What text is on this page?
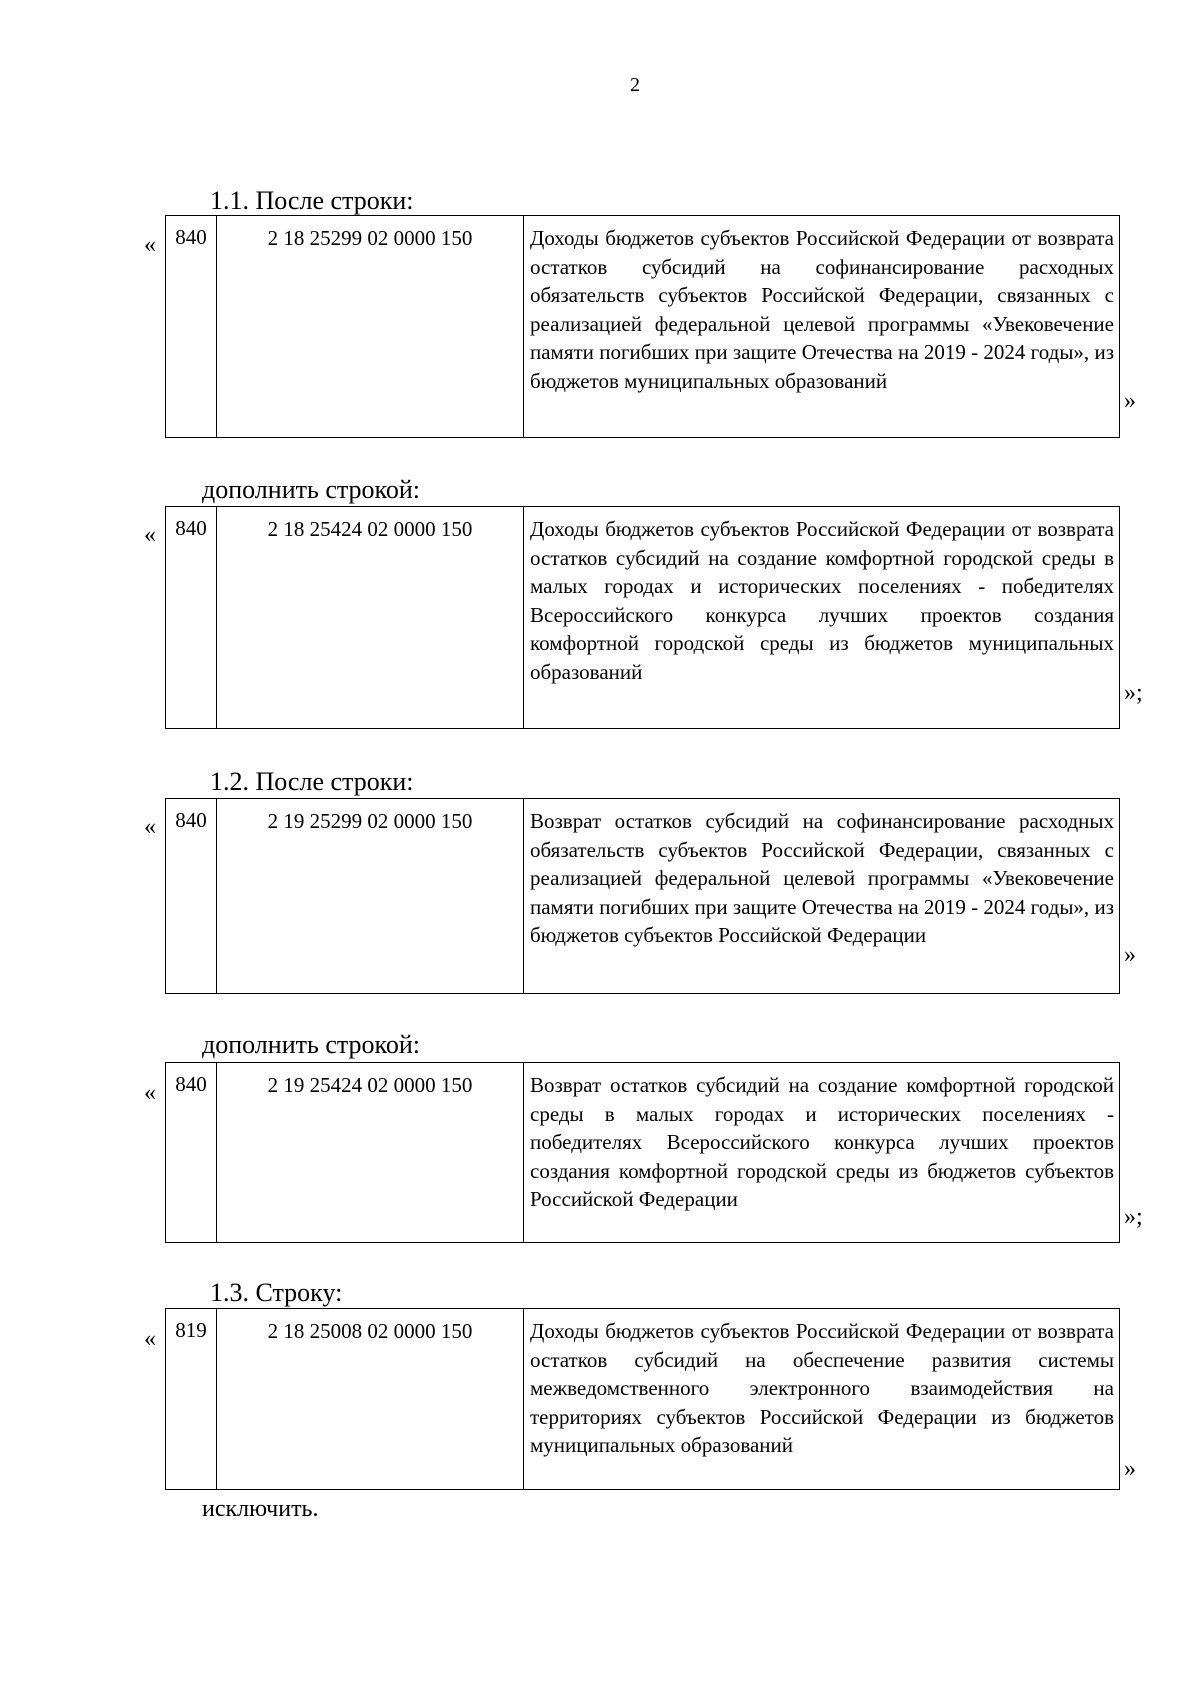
2
1.1. После строки:
« 840	2 18 25299 02 0000 150	Доходы бюджетов субъектов Российской Федерации от возврата остатков субсидий на софинансирование расходных обязательств субъектов Российской Федерации, связанных с реализацией федеральной целевой программы «Увековечение памяти погибших при защите Отечества на 2019 - 2024 годы», из бюджетов муниципальных образований
»
дополнить строкой:
« 840	2 18 25424 02 0000 150	Доходы бюджетов субъектов Российской Федерации от возврата остатков субсидий на создание комфортной городской среды в малых городах и исторических поселениях - победителях Всероссийского конкурса лучших проектов создания комфортной городской среды из бюджетов муниципальных образований
»;
1.2. После строки:
« 840	2 19 25299 02 0000 150	Возврат остатков субсидий на софинансирование расходных обязательств субъектов Российской Федерации, связанных с реализацией федеральной целевой программы «Увековечение памяти погибших при защите Отечества на 2019 - 2024 годы», из бюджетов субъектов Российской Федерации
»
дополнить строкой:
« 840	2 19 25424 02 0000 150	Возврат остатков субсидий на создание комфортной городской среды в малых городах и исторических поселениях - победителях Всероссийского конкурса лучших проектов создания комфортной городской среды из бюджетов субъектов Российской Федерации
»;
1.3. Строку:
« 819	2 18 25008 02 0000 150	Доходы бюджетов субъектов Российской Федерации от возврата остатков субсидий на обеспечение развития системы межведомственного электронного взаимодействия на территориях субъектов Российской Федерации из бюджетов муниципальных образований
»
исключить.
